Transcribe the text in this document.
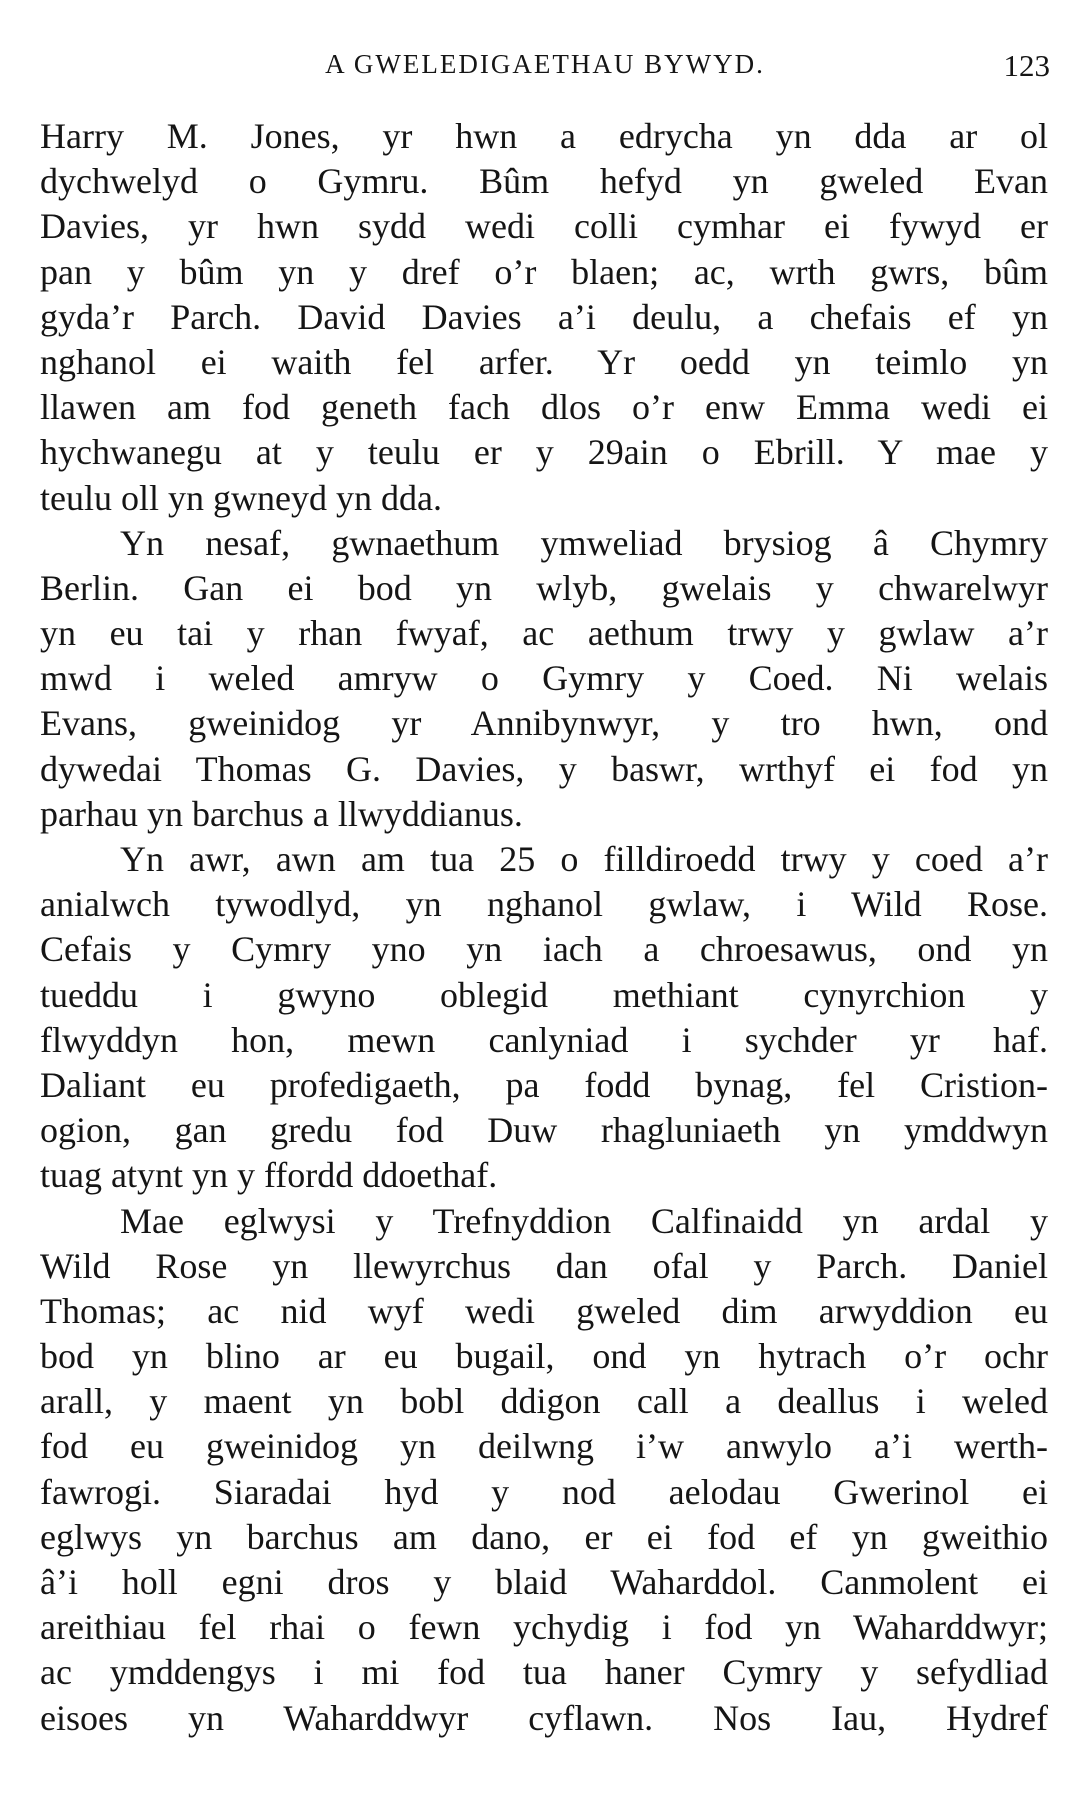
A GWELEDIGAETHAU BYWYD.	123
Harry M. Jones, yr hwn a edrycha yn dda ar ol
dychwelyd o Gymru. Bûm hefyd yn gweled Evan
Davies, yr hwn sydd wedi colli cymhar ei fywyd er
pan y bûm yn y dref o’r blaen; ac, wrth gwrs, bûm
gyda’r Parch. David Davies a’i deulu, a chefais ef yn
nghanol ei waith fel arfer. Yr oedd yn teimlo yn
llawen am fod geneth fach dlos o’r enw Emma wedi ei
hychwanegu at y teulu er y 29ain o Ebrill. Y mae y
teulu oll yn gwneyd yn dda.
Yn nesaf, gwnaethum ymweliad brysiog â Chymry
Berlin. Gan ei bod yn wlyb, gwelais y chwarelwyr
yn eu tai y rhan fwyaf, ac aethum trwy y gwlaw a’r
mwd i weled amryw o Gymry y Coed. Ni welais
Evans, gweinidog yr Annibynwyr, y tro hwn, ond
dywedai Thomas G. Davies, y baswr, wrthyf ei fod yn
parhau yn barchus a llwyddianus.
Yn awr, awn am tua 25 o filldiroedd trwy y coed a’r
anialwch tywodlyd, yn nghanol gwlaw, i Wild Rose.
Cefais y Cymry yno yn iach a chroesawus, ond yn
tueddu i gwyno oblegid methiant cynyrchion y
flwyddyn hon, mewn canlyniad i sychder yr haf.
Daliant eu profedigaeth, pa fodd bynag, fel Cristion-
ogion, gan gredu fod Duw rhagluniaeth yn ymddwyn
tuag atynt yn y ffordd ddoethaf.
Mae eglwysi y Trefnyddion Calfinaidd yn ardal y
Wild Rose yn llewyrchus dan ofal y Parch. Daniel
Thomas; ac nid wyf wedi gweled dim arwyddion eu
bod yn blino ar eu bugail, ond yn hytrach o’r ochr
arall, y maent yn bobl ddigon call a deallus i weled
fod eu gweinidog yn deilwng i’w anwylo a’i werth-
fawrogi. Siaradai hyd y nod aelodau Gwerinol ei
eglwys yn barchus am dano, er ei fod ef yn gweithio
â’i holl egni dros y blaid Waharddol. Canmolent ei
areithiau fel rhai o fewn ychydig i fod yn Waharddwyr;
ac ymddengys i mi fod tua haner Cymry y sefydliad
eisoes yn Waharddwyr cyflawn. Nos Iau, Hydref
